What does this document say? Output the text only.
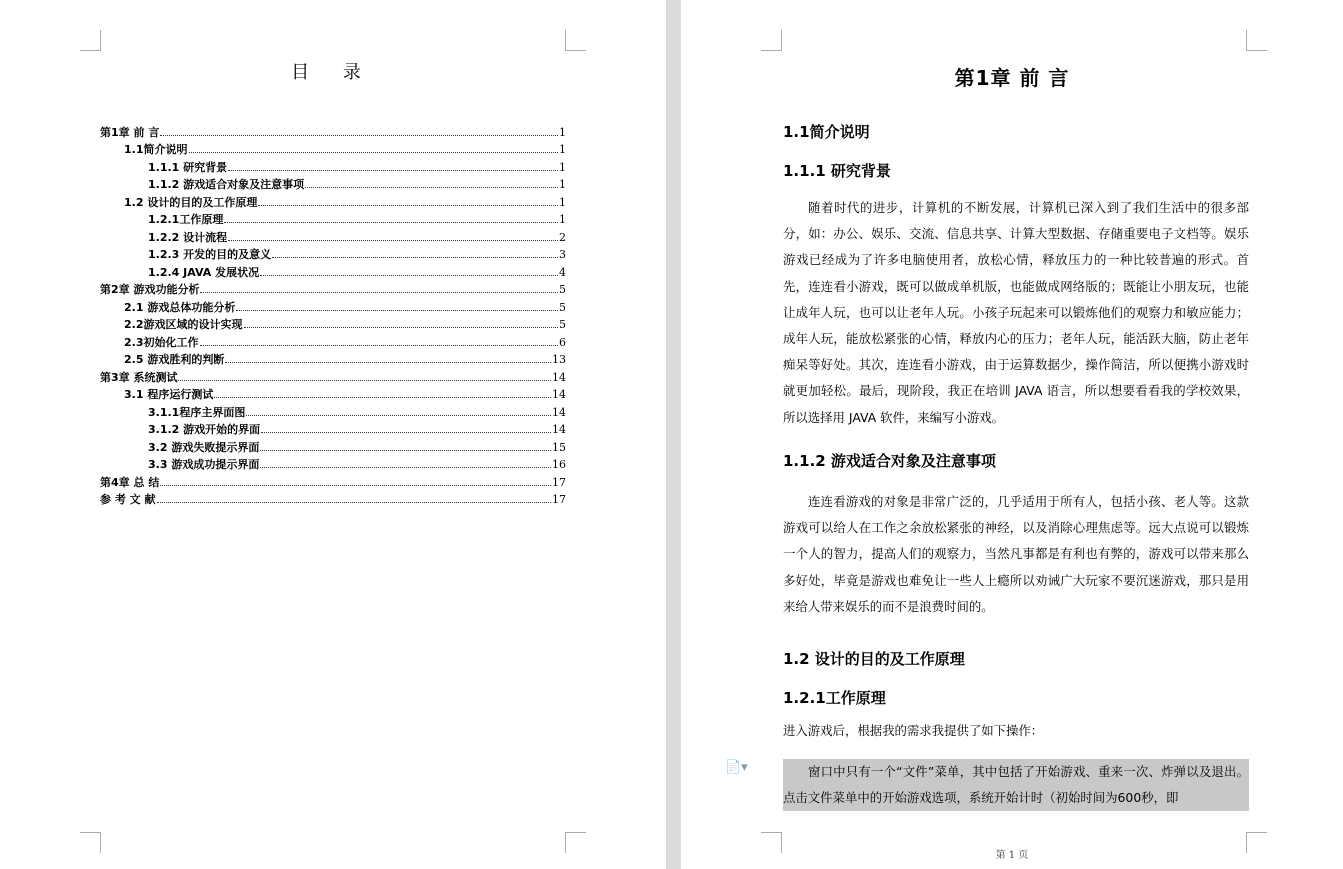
目 录
第1章 前 言	1
1.1简介说明	1
1.1.1 研究背景	1
1.1.2 游戏适合对象及注意事项	1
1.2 设计的目的及工作原理	1
1.2.1工作原理	1
1.2.2 设计流程	2
1.2.3 开发的目的及意义	3
1.2.4 JAVA 发展状况	4
第2章 游戏功能分析	5
2.1 游戏总体功能分析	5
2.2游戏区域的设计实现	5
2.3初始化工作	6
2.5 游戏胜利的判断	13
第3章 系统测试	14
3.1 程序运行测试	14
3.1.1程序主界面图	14
3.1.2 游戏开始的界面	14
3.2 游戏失败提示界面	15
3.3 游戏成功提示界面	16
第4章 总 结	17
参 考 文 献	17
第1章 前 言
1.1简介说明
1.1.1 研究背景
随着时代的进步，计算机的不断发展，计算机已深入到了我们生活中的很多部分，如：办公、娱乐、交流、信息共享、计算大型数据、存储重要电子文档等。娱乐游戏已经成为了许多电脑使用者，放松心情，释放压力的一种比较普遍的形式。首先，连连看小游戏，既可以做成单机版，也能做成网络版的；既能让小朋友玩，也能让成年人玩，也可以让老年人玩。小孩子玩起来可以锻炼他们的观察力和敏应能力；成年人玩，能放松紧张的心情，释放内心的压力；老年人玩，能活跃大脑，防止老年痴呆等好处。其次，连连看小游戏，由于运算数据少，操作简洁，所以便携小游戏时就更加轻松。最后，现阶段，我正在培训 JAVA 语言，所以想要看看我的学校效果，所以选择用 JAVA 软件，来编写小游戏。
1.1.2 游戏适合对象及注意事项
连连看游戏的对象是非常广泛的，几乎适用于所有人，包括小孩、老人等。这款游戏可以给人在工作之余放松紧张的神经，以及消除心理焦虑等。远大点说可以锻炼一个人的智力，提高人们的观察力，当然凡事都是有利也有弊的，游戏可以带来那么多好处，毕竟是游戏也难免让一些人上瘾所以劝诫广大玩家不要沉迷游戏，那只是用来给人带来娱乐的而不是浪费时间的。
1.2 设计的目的及工作原理
1.2.1工作原理
进入游戏后，根据我的需求我提供了如下操作：
窗口中只有一个“文件”菜单，其中包括了开始游戏、重来一次、炸弹以及退出。点击文件菜单中的开始游戏选项，系统开始计时（初始时间为600秒，即
第 1 页
📄▾
